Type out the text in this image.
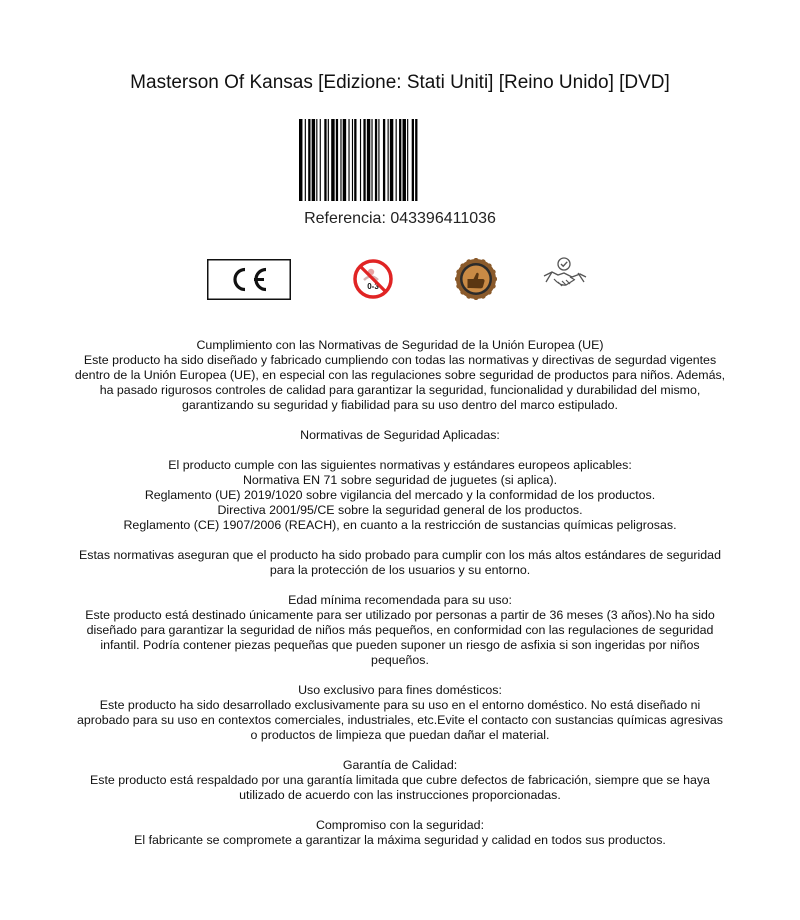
Masterson Of Kansas [Edizione: Stati Uniti] [Reino Unido] [DVD]
Referencia: 043396411036
0-3

Cumplimiento con las Normativas de Seguridad de la Unión Europea (UE)
Este producto ha sido diseñado y fabricado cumpliendo con todas las normativas y directivas de segurdad vigentes dentro de la Unión Europea (UE), en especial con las regulaciones sobre seguridad de productos para niños. Además, ha pasado rigurosos controles de calidad para garantizar la seguridad, funcionalidad y durabilidad del mismo, garantizando su seguridad y fiabilidad para su uso dentro del marco estipulado.

Normativas de Seguridad Aplicadas:

El producto cumple con las siguientes normativas y estándares europeos aplicables:
Normativa EN 71 sobre seguridad de juguetes (si aplica).
Reglamento (UE) 2019/1020 sobre vigilancia del mercado y la conformidad de los productos.
Directiva 2001/95/CE sobre la seguridad general de los productos.
Reglamento (CE) 1907/2006 (REACH), en cuanto a la restricción de sustancias químicas peligrosas.

Estas normativas aseguran que el producto ha sido probado para cumplir con los más altos estándares de seguridad para la protección de los usuarios y su entorno.

Edad mínima recomendada para su uso:
Este producto está destinado únicamente para ser utilizado por personas a partir de 36 meses (3 años).No ha sido diseñado para garantizar la seguridad de niños más pequeños, en conformidad con las regulaciones de seguridad infantil. Podría contener piezas pequeñas que pueden suponer un riesgo de asfixia si son ingeridas por niños pequeños.

Uso exclusivo para fines domésticos:
Este producto ha sido desarrollado exclusivamente para su uso en el entorno doméstico. No está diseñado ni aprobado para su uso en contextos comerciales, industriales, etc.Evite el contacto con sustancias químicas agresivas o productos de limpieza que puedan dañar el material.

Garantía de Calidad:
Este producto está respaldado por una garantía limitada que cubre defectos de fabricación, siempre que se haya utilizado de acuerdo con las instrucciones proporcionadas.

Compromiso con la seguridad:
El fabricante se compromete a garantizar la máxima seguridad y calidad en todos sus productos.
